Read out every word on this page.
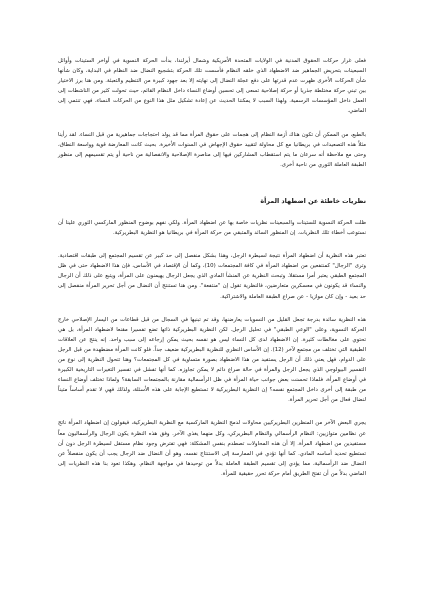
فعلى غرار حركات الحقوق المدنية في الولايات المتحدة الأمريكية وشمال أيرلندا، بدأت الحركة النسوية في أواخر الستينات وأوائل السبعينات بتحريض الجماهير ضد الاضطهاد الذي خلقه النظام فأسست تلك الحركة بتشجيع النضال ضد النظام في البداية، وكان شأنها شأن الحركات الأخرى ظهرت عدم قدرتها على دفع عجلة النضال إلى نهايته إلا بعد جهود كبيرة من التنظيم والتعبئة. ومن هنا برز الاختيار بين تبني حركة مختلطة جذريا أو حركة إصلاحية تسعى إلى تحسين أوضاع النساء داخل النظام القائم، حيث تحولت كثير من الناشطات إلى العمل داخل المؤسسات الرسمية. ولهذا السبب لا يمكننا الحديث عن إعادة تشكيل مثل هذا النوع من الحركات النساء، فهي تنتمي إلى الماضي.

بالطبع، من الممكن أن تكون هناك أزمة النظام إلى هجمات على حقوق المرأة مما قد يولد احتجاجات جماهيرية من قبل النساء. لقد رأينا مثلاً هذه التصعيدات في بريطانيا مع كل محاولة لتقييد حقوق الإجهاض في السنوات الأخيرة. بحيث كانت المعارضة قوية وواسعة النطاق، وحتى مع ملاحظة أنه سرعان ما يتم استقطاب المشاركين فيها إلى مناصرة الإصلاحية والانفصالية من ناحية أو يتم تقسيمهم إلى منظور الطبقة العاملة الثوري من ناحية أخرى.

نظريات خاطئة عن اضطهاد المرأة

ظلت الحركة النسوية للستينات والسبعينات نظريات خاصة بها عن اضطهاد المرأة. ولكي نفهم بوضوح المنظور الماركسي الثوري علينا أن نستوعب أخطاء تلك النظريات. إن المنظور السائد والمتبقي من حركة المرأة في بريطانيا هو النظرية البطريركية.

تعتبر هذه النظرية أن اضطهاد المرأة نتيجة لسيطرة الرجل، وهذا بشكل منفصل إلى حد كبير عن تقسيم المجتمع إلى طبقات اقتصادية. وترى "الرجال" كمنتفعين من اضطهاد المرأة في كافة المجتمعات (10)، وكما أن الإقتصاد في الأساس، فإن هذا الاضطهاد حتى في ظل المجتمع الطبقي يعتبر أمرا مستقلا. وتبحث النظرية عن المنشأ المادي الذي يجعل الرجال يهيمنون على المرأة، ويتبع على ذلك أن الرجال والنساء قد يكونون في معسكرين متعارضين، فالنظرية تقول إن "منتفعة". ومن هنا تستنتج أن النضال من أجل تحرير المرأة منفصل إلى حد بعيد - وإن كان موازيا - عن صراع الطبقة العاملة والاشتراكية.

هذه النظرية سائدة بدرجة تجعل القليل من النسويات يعارضنها، وقد تم تبنيها في السجال من قبل قطاعات من اليسار الإصلاحي خارج الحركة النسوية، وعلى "الوعي الطبقي" في تحليل الرجل. لكن النظرية البطريركية ذاتها تضع تفسيرا مقنعا لاضطهاد المرأة، بل هي تحتوي على مغالطات كثيرة. إن الاضطهاد لدى كل النساء ليس هو نفسه بحيث يمكن إرجاعه إلى سبب واحد. إنه ينتج عن العلاقات الطبقية التي تختلف من مجتمع لآخر (12). إن الأساس النظري للنظرية البطريركية ضعيف جداً. فلو كانت المرأة مضطهدة من قبل الرجل على الدوام، فهل يعني ذلك أن الرجل يستفيد من هذا الاضطهاد بصورة متساوية في كل المجتمعات؟ وهنا تتحول النظرية إلى نوع من التفسير البيولوجي الذي يجعل الرجل والمرأة في حالة صراع دائم لا يمكن تجاوزه. كما أنها تفشل في تفسير التغيرات التاريخية الكبيرة في أوضاع المرأة، فلماذا تحسنت بعض جوانب حياة المرأة في ظل الرأسمالية مقارنة بالمجتمعات السابقة؟ ولماذا تختلف أوضاع النساء من طبقة إلى أخرى داخل المجتمع نفسه؟ إن النظرية البطريركية لا تستطيع الإجابة على هذه الأسئلة، ولذلك فهي لا تقدم أساساً متيناً لنضال فعال من أجل تحرير المرأة.

يجري البعض الآخر من المنظرين البطريركيين محاولات لدمج النظرية الماركسية مع النظرية البطريركية، فيقولون إن اضطهاد المرأة ناتج عن نظامين متوازيين: النظام الرأسمالي والنظام البطريركي، وكل منهما يغذي الآخر. وفق هذه النظرة يكون الرجال والرأسماليون معاً مستفيدين من اضطهاد المرأة. إلا أن هذه المحاولات تصطدم بنفس المشكلة: فهي تفترض وجود نظام مستقل لسيطرة الرجل دون أن تستطيع تحديد أساسه المادي. كما أنها تؤدي في الممارسة إلى الاستنتاج نفسه، وهو أن النضال ضد الرجال يجب أن يكون منفصلاً عن النضال ضد الرأسمالية، مما يؤدي إلى تقسيم الطبقة العاملة بدلاً من توحيدها في مواجهة النظام. وهكذا تعود بنا هذه النظريات إلى الماضي بدلاً من أن تفتح الطريق أمام حركة تحرر حقيقية للمرأة.
